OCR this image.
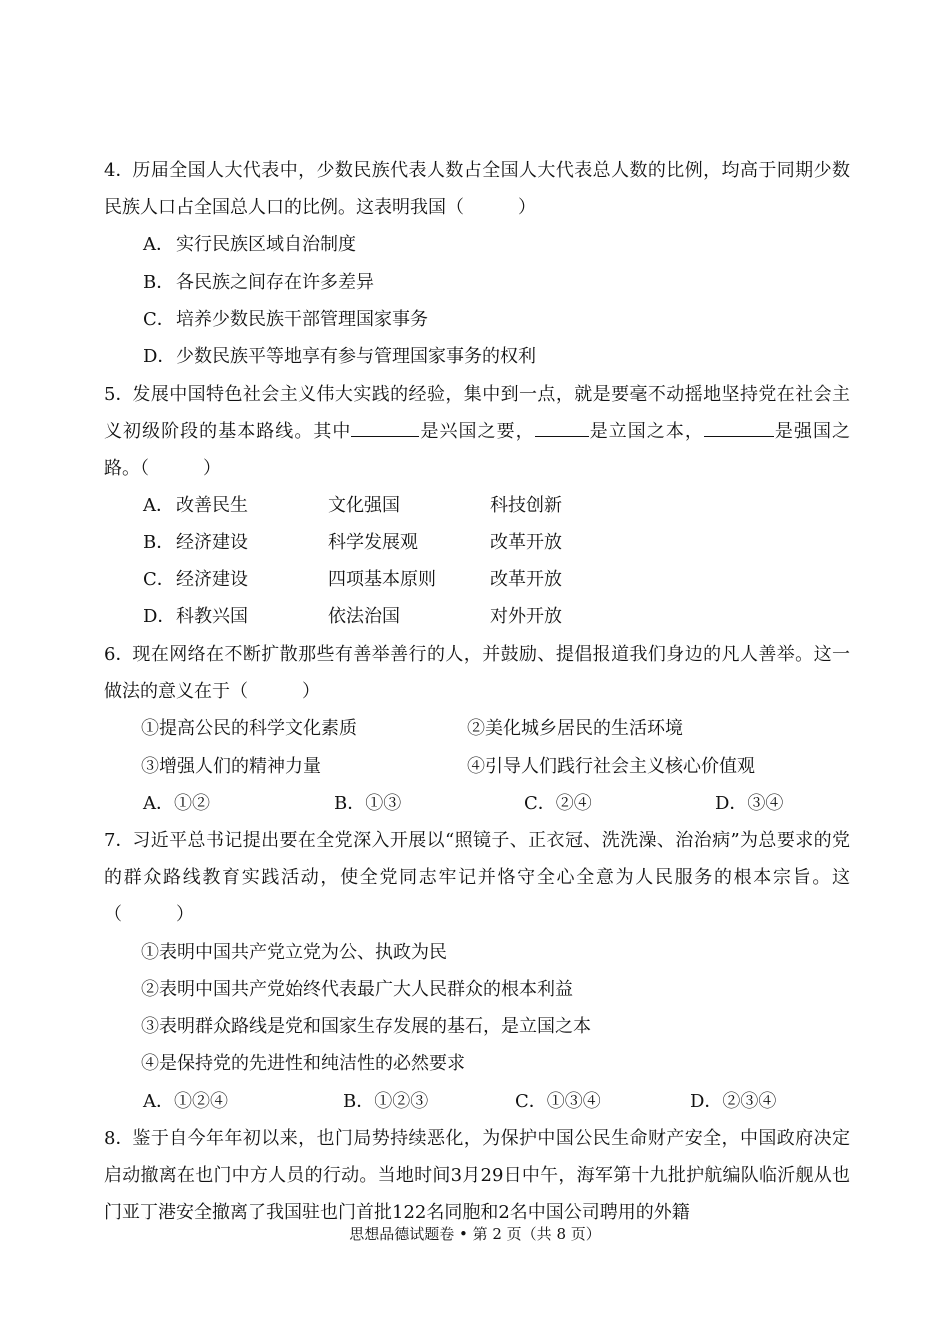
4．历届全国人大代表中，少数民族代表人数占全国人大代表总人数的比例，均高于同期少数民族人口占全国总人口的比例。这表明我国（　　　）

A． 实行民族区域自治制度
B．各民族之间存在许多差异
C．培养少数民族干部管理国家事务
D．少数民族平等地享有参与管理国家事务的权利

5．发展中国特色社会主义伟大实践的经验，集中到一点，就是要毫不动摇地坚持党在社会主义初级阶段的基本路线。其中	是兴国之要，	是立国之本，	是强国之路。（　　　）

A． 改善民生	文化强国	科技创新
B．经济建设	科学发展观	改革开放
C．经济建设	四项基本原则	改革开放
D．科教兴国	依法治国	对外开放

6．现在网络在不断扩散那些有善举善行的人，并鼓励、提倡报道我们身边的凡人善举。这一做法的意义在于（　　　）

①提高公民的科学文化素质	②美化城乡居民的生活环境
③增强人们的精神力量	④引导人们践行社会主义核心价值观
A．①②	B．①③	C．②④	D．③④

7．习近平总书记提出要在全党深入开展以“照镜子、正衣冠、洗洗澡、治治病”为总要求的党的群众路线教育实践活动，使全党同志牢记并恪守全心全意为人民服务的根本宗旨。这（　　　）

①表明中国共产党立党为公、执政为民
②表明中国共产党始终代表最广大人民群众的根本利益
③表明群众路线是党和国家生存发展的基石，是立国之本
④是保持党的先进性和纯洁性的必然要求
A．①②④	B．①②③	C．①③④	D．②③④

8．鉴于自今年年初以来，也门局势持续恶化，为保护中国公民生命财产安全，中国政府决定启动撤离在也门中方人员的行动。当地时间3月29日中午，海军第十九批护航编队临沂舰从也门亚丁港安全撤离了我国驻也门首批122名同胞和2名中国公司聘用的外籍

思想品德试题卷 • 第 2 页（共 8 页）
